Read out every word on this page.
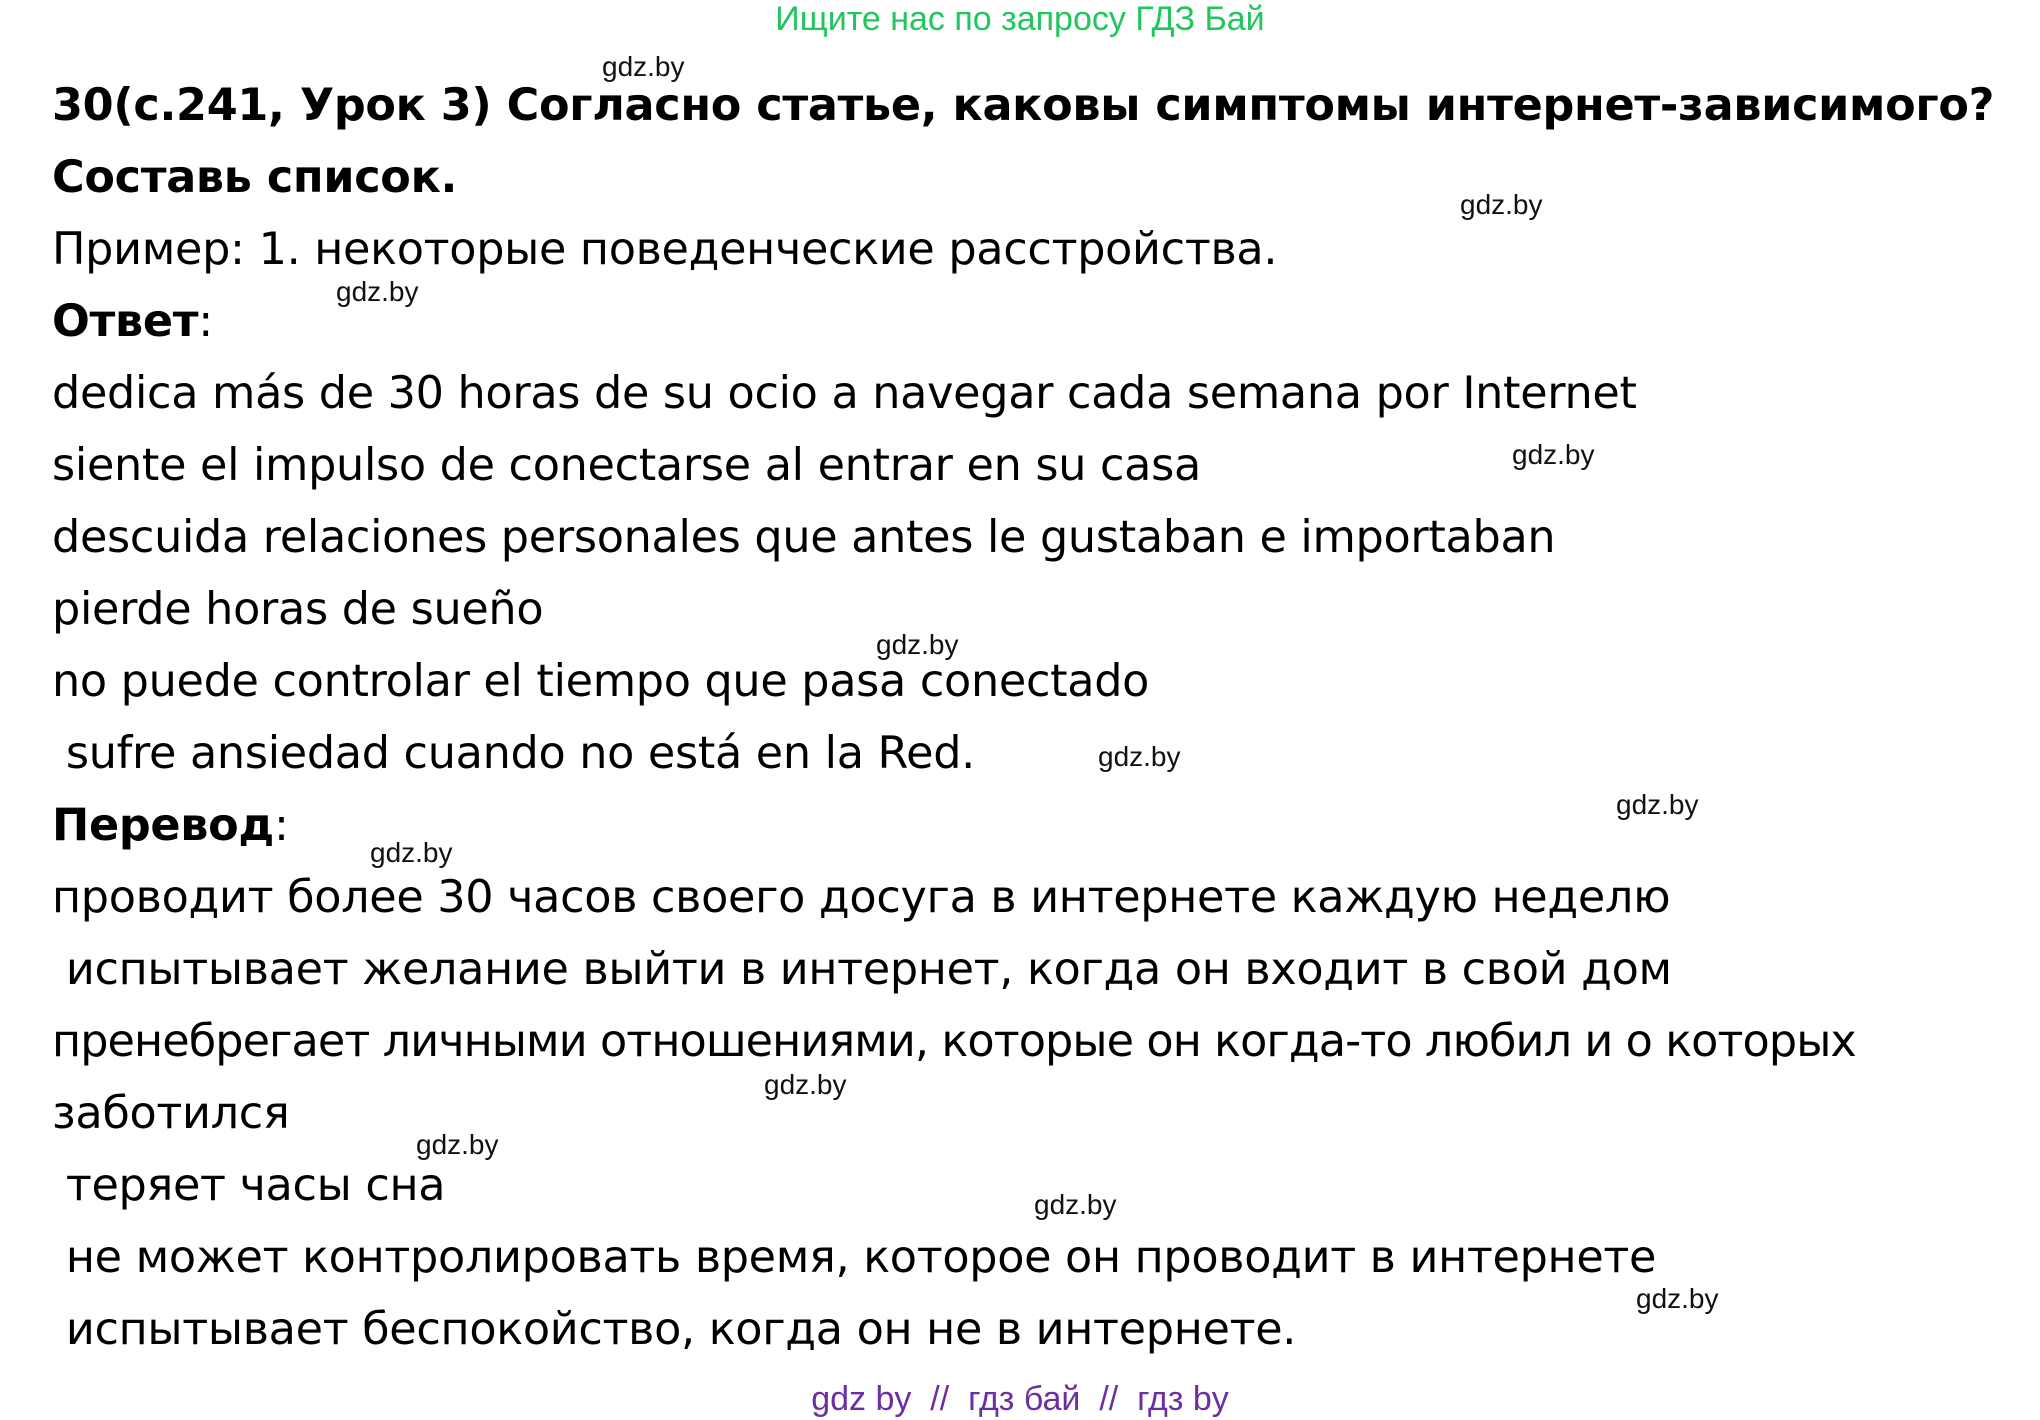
Ищите нас по запросу ГДЗ Бай
30(с.241, Урок 3) Согласно статье, каковы симптомы интернет-зависимого?
Составь список.
Пример: 1. некоторые поведенческие расстройства.
Ответ:
dedica más de 30 horas de su ocio a navegar cada semana por Internet
siente el impulso de conectarse al entrar en su casa
descuida relaciones personales que antes le gustaban e importaban
pierde horas de sueño
no puede controlar el tiempo que pasa conectado
sufre ansiedad cuando no está en la Red.
Перевод:
проводит более 30 часов своего досуга в интернете каждую неделю
испытывает желание выйти в интернет, когда он входит в свой дом
пренебрегает личными отношениями, которые он когда-то любил и о которых
заботился
теряет часы сна
не может контролировать время, которое он проводит в интернете
испытывает беспокойство, когда он не в интернете.
gdz.by
gdz.by
gdz.by
gdz.by
gdz.by
gdz.by
gdz.by
gdz.by
gdz.by
gdz.by
gdz.by
gdz.by
gdz by  //  гдз бай  //  гдз by
